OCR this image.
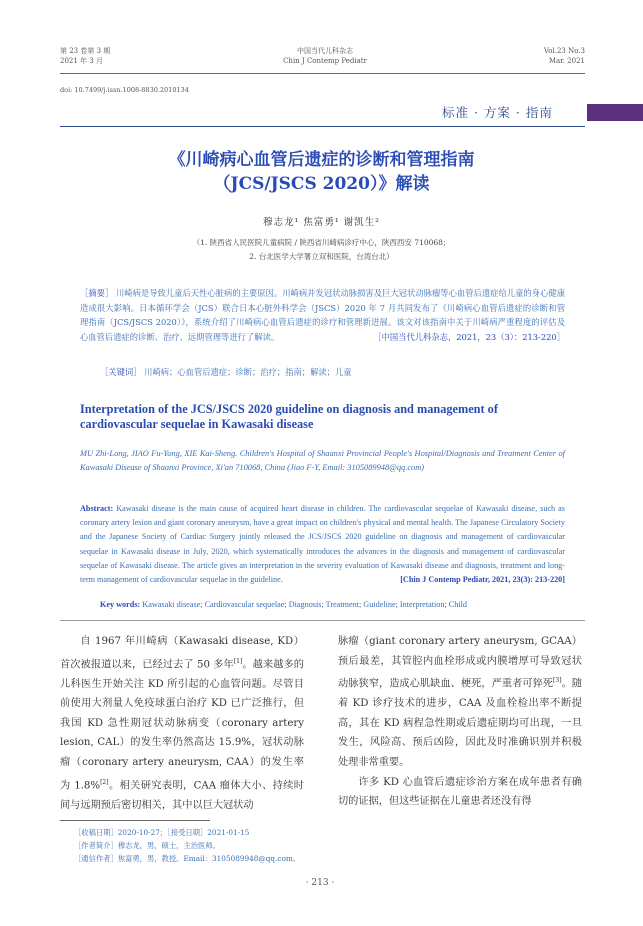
第 23 卷第 3 期
2021 年 3 月
中国当代儿科杂志
Chin J Contemp Pediatr
Vol.23 No.3
Mar. 2021
doi: 10.7499/j.issn.1008-8830.2010134
标准 · 方案 · 指南
《川崎病心血管后遗症的诊断和管理指南
（JCS/JSCS 2020）》解读
穆志龙¹ 焦富勇¹ 谢凯生²
（1. 陕西省人民医院儿童病院 / 陕西省川崎病诊疗中心，陕西西安 710068；
2. 台北医学大学署立双和医院，台湾台北）
［摘要］ 川崎病是导致儿童后天性心脏病的主要原因。川崎病并发冠状动脉损害及巨大冠状动脉瘤等心血管后遗症给儿童的身心健康造成很大影响。日本循环学会（JCS）联合日本心脏外科学会（JSCS）2020 年 7 月共同发布了《川崎病心血管后遗症的诊断和管理指南（JCS/JSCS 2020）》，系统介绍了川崎病心血管后遗症的诊疗和管理新进展。该文对该指南中关于川崎病严重程度的评估及心血管后遗症的诊断、治疗、远期管理等进行了解读。	［中国当代儿科杂志，2021，23（3）：213-220］
［关键词］ 川崎病；心血管后遗症；诊断；治疗；指南；解读；儿童
Interpretation of the JCS/JSCS 2020 guideline on diagnosis and management of cardiovascular sequelae in Kawasaki disease
MU Zhi-Long, JIAO Fu-Yong, XIE Kai-Sheng. Children's Hospital of Shaanxi Provincial People's Hospital/Diagnosis and Treatment Center of Kawasaki Disease of Shaanxi Province, Xi'an 710068, China (Jiao F-Y, Email: 3105089948@qq.com)
Abstract: Kawasaki disease is the main cause of acquired heart disease in children. The cardiovascular sequelae of Kawasaki disease, such as coronary artery lesion and giant coronary aneurysm, have a great impact on children's physical and mental health. The Japanese Circulatory Society and the Japanese Society of Cardiac Surgery jointly released the JCS/JSCS 2020 guideline on diagnosis and management of cardiovascular sequelae in Kawasaki disease in July, 2020, which systematically introduces the advances in the diagnosis and management of cardiovascular sequelae of Kawasaki disease. The article gives an interpretation in the severity evaluation of Kawasaki disease and diagnosis, treatment and long-term management of cardiovascular sequelae in the guideline.	[Chin J Contemp Pediatr, 2021, 23(3): 213-220]
Key words: Kawasaki disease; Cardiovascular sequelae; Diagnosis; Treatment; Guideline; Interpretation; Child

自 1967 年川崎病（Kawasaki disease, KD）首次被报道以来，已经过去了 50 多年[1]。越来越多的儿科医生开始关注 KD 所引起的心血管问题。尽管目前使用大剂量人免疫球蛋白治疗 KD 已广泛推行，但我国 KD 急性期冠状动脉病变（coronary artery lesion, CAL）的发生率仍然高达 15.9%，冠状动脉瘤（coronary artery aneurysm, CAA）的发生率为 1.8%[2]。相关研究表明，CAA 瘤体大小、持续时间与远期预后密切相关，其中以巨大冠状动

脉瘤（giant coronary artery aneurysm, GCAA）预后最差，其管腔内血栓形成或内膜增厚可导致冠状动脉狭窄，造成心肌缺血、梗死，严重者可猝死[3]。随着 KD 诊疗技术的进步，CAA 及血栓检出率不断提高，其在 KD 病程急性期或后遗症期均可出现，一旦发生，风险高、预后凶险，因此及时准确识别并积极处理非常重要。

许多 KD 心血管后遗症诊治方案在成年患者有确切的证据，但这些证据在儿童患者还没有得

［收稿日期］2020-10-27；［接受日期］2021-01-15
［作者简介］穆志龙，男，硕士，主治医师。
［通信作者］焦富勇，男，教授。Email：3105089948@qq.com。
· 213 ·
